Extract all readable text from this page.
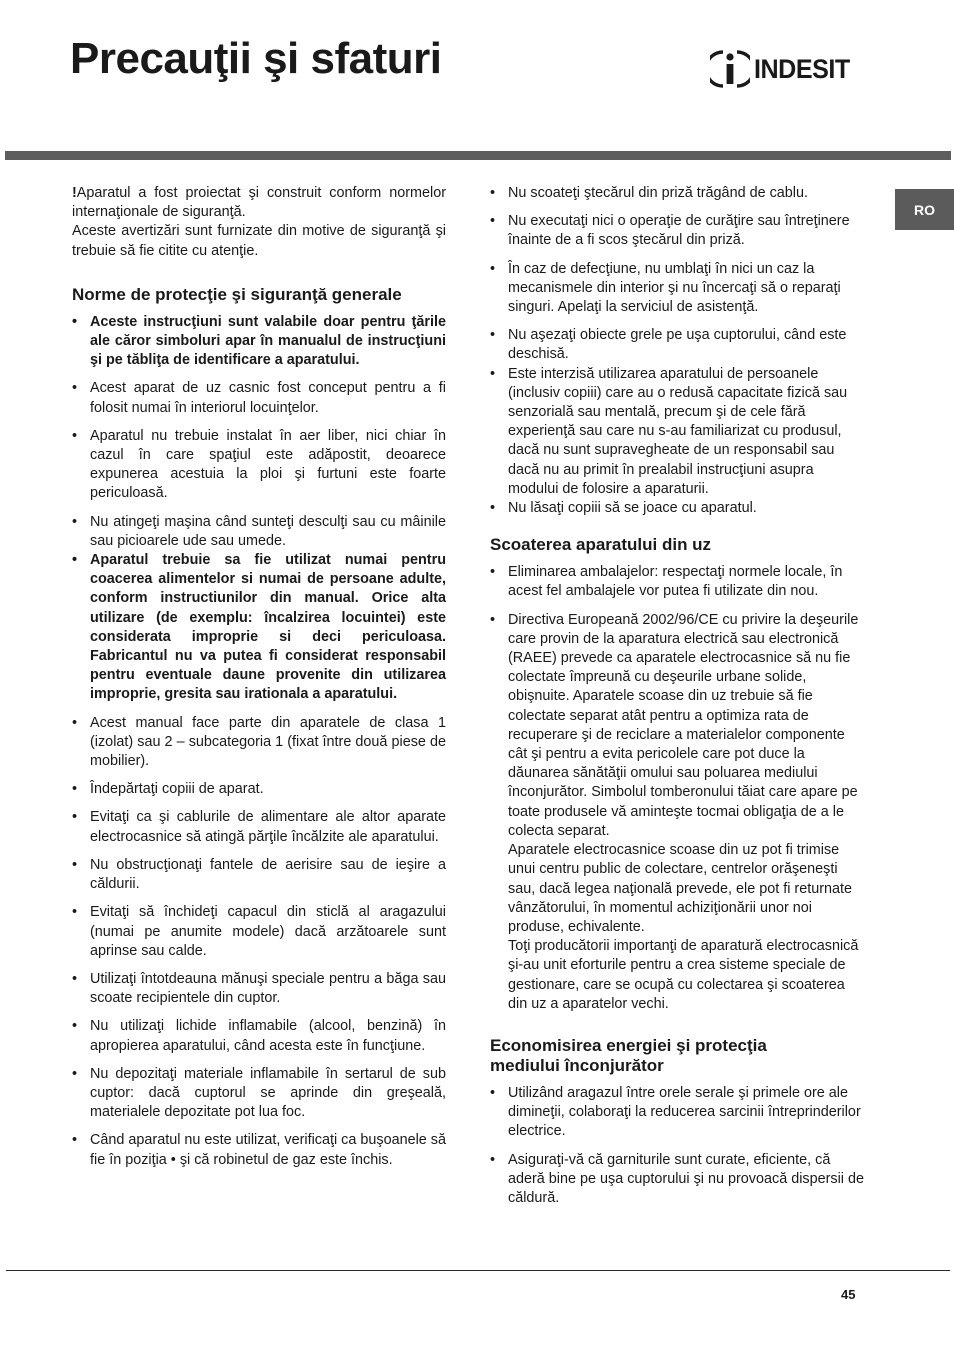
Precauţii şi sfaturi	INDESIT
RO

!Aparatul a fost proiectat şi construit conform normelor internaţionale de siguranţă.

Aceste avertizări sunt furnizate din motive de siguranţă şi trebuie să fie citite cu atenţie.

Norme de protecţie şi siguranţă generale
• Aceste instrucţiuni sunt valabile doar pentru ţările ale căror simboluri apar în manualul de instrucţiuni şi pe tăbliţa de identificare a aparatului.
• Acest aparat de uz casnic fost conceput pentru a fi folosit numai în interiorul locuinţelor.
• Aparatul nu trebuie instalat în aer liber, nici chiar în cazul în care spaţiul este adăpostit, deoarece expunerea acestuia la ploi şi furtuni este foarte periculoasă.
• Nu atingeţi maşina când sunteţi desculţi sau cu mâinile sau picioarele ude sau umede.
• Aparatul trebuie sa fie utilizat numai pentru coacerea alimentelor si numai de persoane adulte, conform instructiunilor din manual. Orice alta utilizare (de exemplu: încalzirea locuintei) este considerata improprie si deci periculoasa. Fabricantul nu va putea fi considerat responsabil pentru eventuale daune provenite din utilizarea improprie, gresita sau irationala a aparatului.
• Acest manual face parte din aparatele de clasa 1 (izolat) sau 2 – subcategoria 1 (fixat între două piese de mobilier).
• Îndepărtaţi copiii de aparat.
• Evitaţi ca şi cablurile de alimentare ale altor aparate electrocasnice să atingă părţile încălzite ale aparatului.
• Nu obstrucţionaţi fantele de aerisire sau de ieşire a căldurii.
• Evitaţi să închideţi capacul din sticlă al aragazului (numai pe anumite modele) dacă arzătoarele sunt aprinse sau calde.
• Utilizaţi întotdeauna mănuşi speciale pentru a băga sau scoate recipientele din cuptor.
• Nu utilizaţi lichide inflamabile (alcool, benzină) în apropierea aparatului, când acesta este în funcţiune.
• Nu depozitaţi materiale inflamabile în sertarul de sub cuptor: dacă cuptorul se aprinde din greşeală, materialele depozitate pot lua foc.
• Când aparatul nu este utilizat, verificaţi ca buşoanele să fie în poziţia • şi că robinetul de gaz este închis.
• Nu scoateţi ştecărul din priză trăgând de cablu.
• Nu executaţi nici o operaţie de curăţire sau întreţinere înainte de a fi scos ştecărul din priză.
• În caz de defecţiune, nu umblaţi în nici un caz la mecanismele din interior şi nu încercaţi să o reparaţi singuri. Apelaţi la serviciul de asistenţă.
• Nu aşezaţi obiecte grele pe uşa cuptorului, când este deschisă.
• Este interzisă utilizarea aparatului de persoanele (inclusiv copiii) care au o redusă capacitate fizică sau senzorială sau mentală, precum şi de cele fără experienţă sau care nu s-au familiarizat cu produsul, dacă nu sunt supravegheate de un responsabil sau dacă nu au primit în prealabil instrucţiuni asupra modului de folosire a aparaturii.
• Nu lăsaţi copiii să se joace cu aparatul.
Scoaterea aparatului din uz
• Eliminarea ambalajelor: respectaţi normele locale, în acest fel ambalajele vor putea fi utilizate din nou.
• Directiva Europeană 2002/96/CE cu privire la deşeurile care provin de la aparatura electrică sau electronică (RAEE) prevede ca aparatele electrocasnice să nu fie colectate împreună cu deşeurile urbane solide, obişnuite. Aparatele scoase din uz trebuie să fie colectate separat atât pentru a optimiza rata de recuperare şi de reciclare a materialelor componente cât şi pentru a evita pericolele care pot duce la dăunarea sănătăţii omului sau poluarea mediului înconjurător. Simbolul tomberonului tăiat care apare pe toate produsele vă aminteşte tocmai obligaţia de a le colecta separat.
Aparatele electrocasnice scoase din uz pot fi trimise unui centru public de colectare, centrelor orăşeneşti sau, dacă legea naţională prevede, ele pot fi returnate vânzătorului, în momentul achiziţionării unor noi produse, echivalente.
Toţi producătorii importanţi de aparatură electrocasnică şi-au unit eforturile pentru a crea sisteme speciale de gestionare, care se ocupă cu colectarea şi scoaterea din uz a aparatelor vechi.
Economisirea energiei şi protecţia
mediului înconjurător
• Utilizând aragazul între orele serale şi primele ore ale dimineţii, colaboraţi la reducerea sarcinii întreprinderilor electrice.
• Asiguraţi-vă că garniturile sunt curate, eficiente, că aderă bine pe uşa cuptorului şi nu provoacă dispersii de căldură.
45
